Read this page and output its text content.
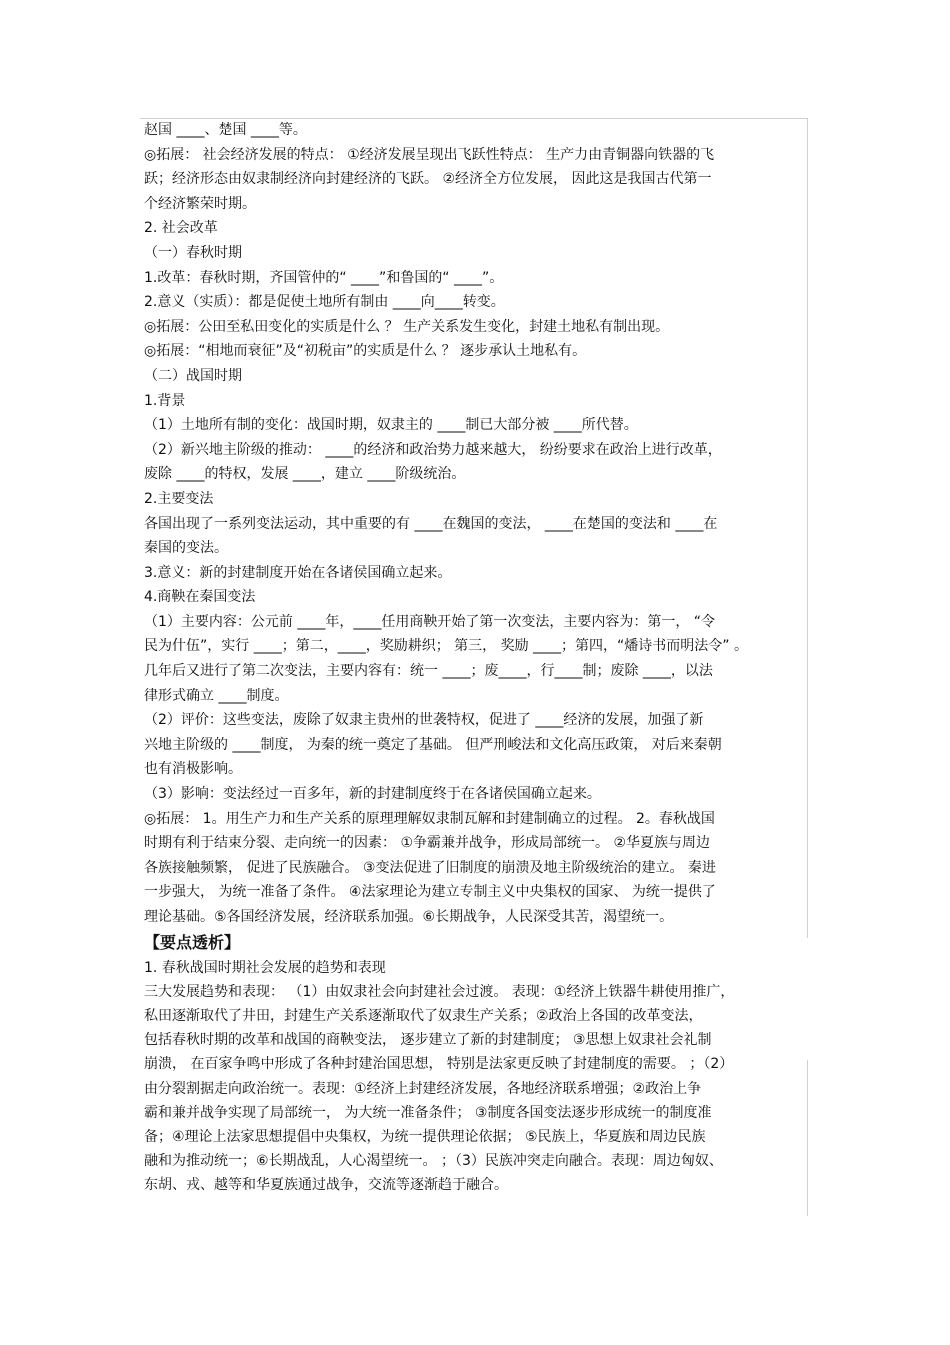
赵国 ____、楚国 ____等。
◎拓展： 社会经济发展的特点： ①经济发展呈现出飞跃性特点： 生产力由青铜器向铁器的飞
跃；经济形态由奴隶制经济向封建经济的飞跃。 ②经济全方位发展， 因此这是我国古代第一
个经济繁荣时期。
2. 社会改革
（一）春秋时期
1.改革：春秋时期，齐国管仲的“ ____”和鲁国的“ ____”。
2.意义（实质）：都是促使土地所有制由 ____向____转变。
◎拓展：公田至私田变化的实质是什么 ？ 生产关系发生变化，封建土地私有制出现。
◎拓展：“相地而衰征”及“初税亩”的实质是什么 ？ 逐步承认土地私有。
（二）战国时期
1.背景
（1）土地所有制的变化：战国时期，奴隶主的 ____制已大部分被 ____所代替。
（2）新兴地主阶级的推动： ____的经济和政治势力越来越大， 纷纷要求在政治上进行改革，
废除 ____的特权，发展 ____，建立 ____阶级统治。
2.主要变法
各国出现了一系列变法运动，其中重要的有 ____在魏国的变法， ____在楚国的变法和 ____在
秦国的变法。
3.意义：新的封建制度开始在各诸侯国确立起来。
4.商鞅在秦国变法
（1）主要内容：公元前 ____年，____任用商鞅开始了第一次变法，主要内容为：第一， “令
民为什伍”，实行 ____；第二，____，奖励耕织； 第三， 奖励 ____；第四，“燔诗书而明法令” 。
几年后又进行了第二次变法，主要内容有：统一 ____；废____，行____制；废除 ____，以法
律形式确立 ____制度。
（2）评价：这些变法，废除了奴隶主贵州的世袭特权，促进了 ____经济的发展，加强了新
兴地主阶级的 ____制度， 为秦的统一奠定了基础。 但严刑峻法和文化高压政策， 对后来秦朝
也有消极影响。
（3）影响：变法经过一百多年，新的封建制度终于在各诸侯国确立起来。
◎拓展： 1。用生产力和生产关系的原理理解奴隶制瓦解和封建制确立的过程。 2。春秋战国
时期有利于结束分裂、走向统一的因素： ①争霸兼并战争，形成局部统一。 ②华夏族与周边
各族接触频繁， 促进了民族融合。 ③变法促进了旧制度的崩溃及地主阶级统治的建立。 秦进
一步强大， 为统一准备了条件。 ④法家理论为建立专制主义中央集权的国家、 为统一提供了
理论基础。⑤各国经济发展，经济联系加强。⑥长期战争，人民深受其苦，渴望统一。
【要点透析】
1. 春秋战国时期社会发展的趋势和表现
三大发展趋势和表现： （1）由奴隶社会向封建社会过渡。 表现：①经济上铁器牛耕使用推广，
私田逐渐取代了井田，封建生产关系逐渐取代了奴隶生产关系；②政治上各国的改革变法，
包括春秋时期的改革和战国的商鞅变法， 逐步建立了新的封建制度； ③思想上奴隶社会礼制
崩溃， 在百家争鸣中形成了各种封建治国思想， 特别是法家更反映了封建制度的需要。 ；（2）
由分裂割据走向政治统一。表现：①经济上封建经济发展，各地经济联系增强；②政治上争
霸和兼并战争实现了局部统一， 为大统一准备条件； ③制度各国变法逐步形成统一的制度准
备；④理论上法家思想提倡中央集权，为统一提供理论依据； ⑤民族上，华夏族和周边民族
融和为推动统一；⑥长期战乱，人心渴望统一。 ；（3）民族冲突走向融合。表现：周边匈奴、
东胡、戎、越等和华夏族通过战争，交流等逐渐趋于融合。
